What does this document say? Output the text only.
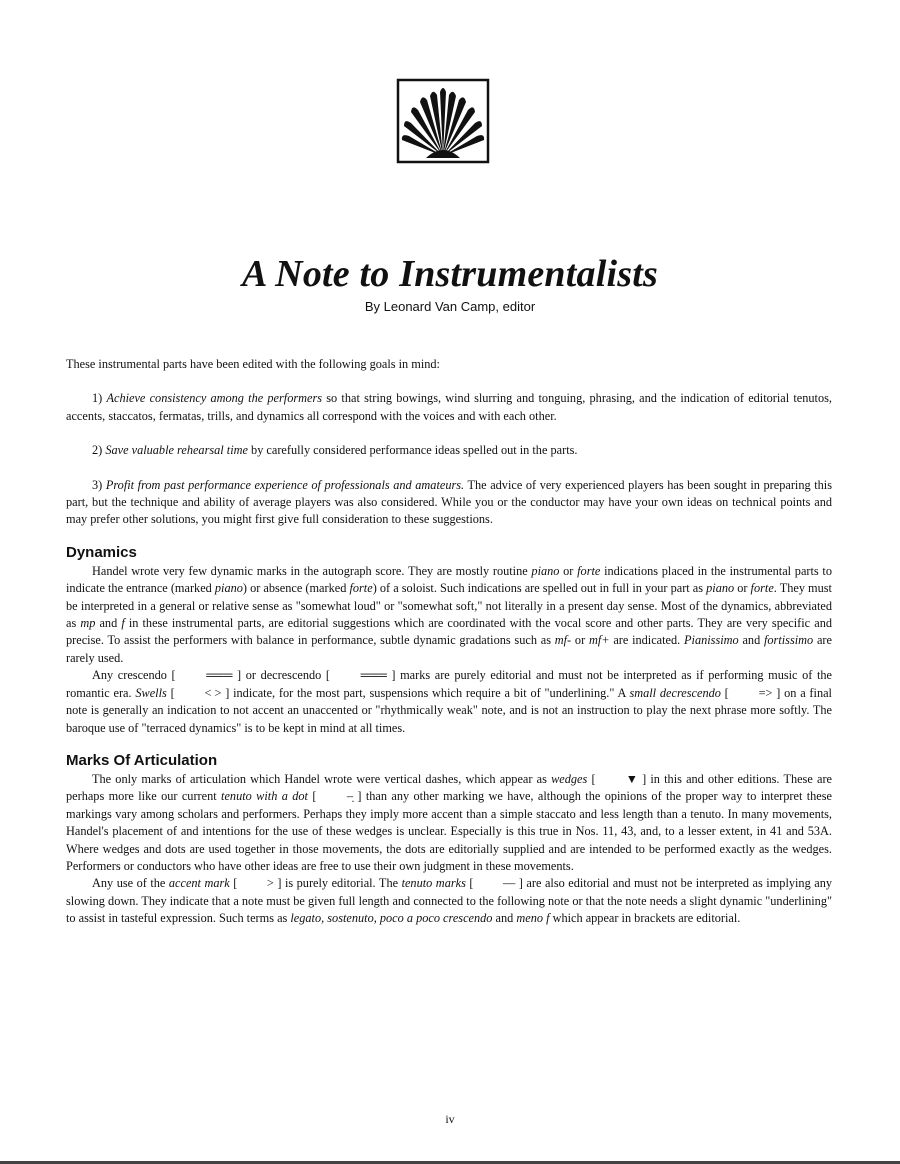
A Note to Instrumentalists
By Leonard Van Camp, editor

These instrumental parts have been edited with the following goals in mind:

1) Achieve consistency among the performers so that string bowings, wind slurring and tonguing, phrasing, and the indication of editorial tenutos, accents, staccatos, fermatas, trills, and dynamics all correspond with the voices and with each other.

2) Save valuable rehearsal time by carefully considered performance ideas spelled out in the parts.

3) Profit from past performance experience of professionals and amateurs. The advice of very experienced players has been sought in preparing this part, but the technique and ability of average players was also considered. While you or the conductor may have your own ideas on technical points and may prefer other solutions, you might first give full consideration to these suggestions.

Dynamics

Handel wrote very few dynamic marks in the autograph score. They are mostly routine piano or forte indications placed in the instrumental parts to indicate the entrance (marked piano) or absence (marked forte) of a soloist. Such indications are spelled out in full in your part as piano or forte. They must be interpreted in a general or relative sense as "somewhat loud" or "somewhat soft," not literally in a present day sense. Most of the dynamics, abbreviated as mp and f in these instrumental parts, are editorial suggestions which are coordinated with the vocal score and other parts. They are very specific and precise. To assist the performers with balance in performance, subtle dynamic gradations such as mf- or mf+ are indicated. Pianissimo and fortissimo are rarely used.

Any crescendo [ ═══ ] or decrescendo [ ═══ ] marks are purely editorial and must not be interpreted as if performing music of the romantic era. Swells [ < > ] indicate, for the most part, suspensions which require a bit of "underlining." A small decrescendo [ => ] on a final note is generally an indication to not accent an unaccented or "rhythmically weak" note, and is not an instruction to play the next phrase more softly. The baroque use of "terraced dynamics" is to be kept in mind at all times.

Marks Of Articulation

The only marks of articulation which Handel wrote were vertical dashes, which appear as wedges [ ▼ ] in this and other editions. These are perhaps more like our current tenuto with a dot [ –̣ ] than any other marking we have, although the opinions of the proper way to interpret these markings vary among scholars and performers. Perhaps they imply more accent than a simple staccato and less length than a tenuto. In many movements, Handel's placement of and intentions for the use of these wedges is unclear. Especially is this true in Nos. 11, 43, and, to a lesser extent, in 41 and 53A. Where wedges and dots are used together in those movements, the dots are editorially supplied and are intended to be performed exactly as the wedges. Performers or conductors who have other ideas are free to use their own judgment in these movements.

Any use of the accent mark [ > ] is purely editorial. The tenuto marks [ — ] are also editorial and must not be interpreted as implying any slowing down. They indicate that a note must be given full length and connected to the following note or that the note needs a slight dynamic "underlining" to assist in tasteful expression. Such terms as legato, sostenuto, poco a poco crescendo and meno f which appear in brackets are editorial.

iv
